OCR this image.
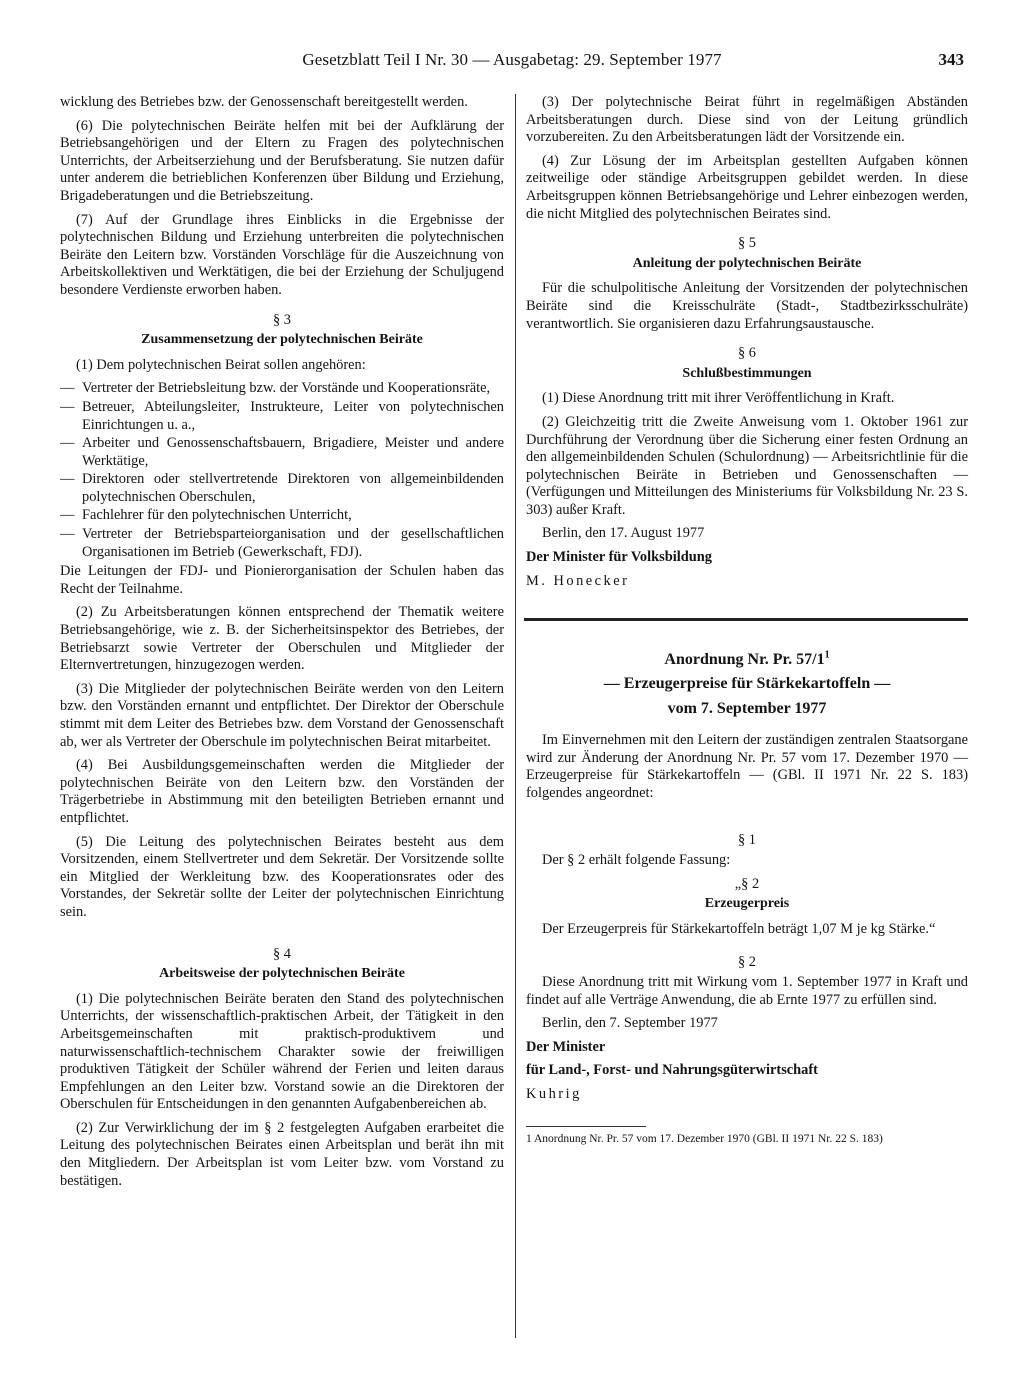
Gesetzblatt Teil I Nr. 30 — Ausgabetag: 29. September 1977	343

wicklung des Betriebes bzw. der Genossenschaft bereitgestellt werden.

(6) Die polytechnischen Beiräte helfen mit bei der Aufklärung der Betriebsangehörigen und der Eltern zu Fragen des polytechnischen Unterrichts, der Arbeitserziehung und der Berufsberatung. Sie nutzen dafür unter anderem die betrieblichen Konferenzen über Bildung und Erziehung, Brigadeberatungen und die Betriebszeitung.

(7) Auf der Grundlage ihres Einblicks in die Ergebnisse der polytechnischen Bildung und Erziehung unterbreiten die polytechnischen Beiräte den Leitern bzw. Vorständen Vorschläge für die Auszeichnung von Arbeitskollektiven und Werktätigen, die bei der Erziehung der Schuljugend besondere Verdienste erworben haben.

§ 3
Zusammensetzung der polytechnischen Beiräte

(1) Dem polytechnischen Beirat sollen angehören:

— Vertreter der Betriebsleitung bzw. der Vorstände und Kooperationsräte,
— Betreuer, Abteilungsleiter, Instrukteure, Leiter von polytechnischen Einrichtungen u. a.,
— Arbeiter und Genossenschaftsbauern, Brigadiere, Meister und andere Werktätige,
— Direktoren oder stellvertretende Direktoren von allgemeinbildenden polytechnischen Oberschulen,
— Fachlehrer für den polytechnischen Unterricht,
— Vertreter der Betriebsparteiorganisation und der gesellschaftlichen Organisationen im Betrieb (Gewerkschaft, FDJ).

Die Leitungen der FDJ- und Pionierorganisation der Schulen haben das Recht der Teilnahme.

(2) Zu Arbeitsberatungen können entsprechend der Thematik weitere Betriebsangehörige, wie z. B. der Sicherheitsinspektor des Betriebes, der Betriebsarzt sowie Vertreter der Oberschulen und Mitglieder der Elternvertretungen, hinzugezogen werden.

(3) Die Mitglieder der polytechnischen Beiräte werden von den Leitern bzw. den Vorständen ernannt und entpflichtet. Der Direktor der Oberschule stimmt mit dem Leiter des Betriebes bzw. dem Vorstand der Genossenschaft ab, wer als Vertreter der Oberschule im polytechnischen Beirat mitarbeitet.

(4) Bei Ausbildungsgemeinschaften werden die Mitglieder der polytechnischen Beiräte von den Leitern bzw. den Vorständen der Trägerbetriebe in Abstimmung mit den beteiligten Betrieben ernannt und entpflichtet.

(5) Die Leitung des polytechnischen Beirates besteht aus dem Vorsitzenden, einem Stellvertreter und dem Sekretär. Der Vorsitzende sollte ein Mitglied der Werkleitung bzw. des Kooperationsrates oder des Vorstandes, der Sekretär sollte der Leiter der polytechnischen Einrichtung sein.

§ 4
Arbeitsweise der polytechnischen Beiräte

(1) Die polytechnischen Beiräte beraten den Stand des polytechnischen Unterrichts, der wissenschaftlich-praktischen Arbeit, der Tätigkeit in den Arbeitsgemeinschaften mit praktisch-produktivem und naturwissenschaftlich-technischem Charakter sowie der freiwilligen produktiven Tätigkeit der Schüler während der Ferien und leiten daraus Empfehlungen an den Leiter bzw. Vorstand sowie an die Direktoren der Oberschulen für Entscheidungen in den genannten Aufgabenbereichen ab.

(2) Zur Verwirklichung der im § 2 festgelegten Aufgaben erarbeitet die Leitung des polytechnischen Beirates einen Arbeitsplan und berät ihn mit den Mitgliedern. Der Arbeitsplan ist vom Leiter bzw. vom Vorstand zu bestätigen.

(3) Der polytechnische Beirat führt in regelmäßigen Abständen Arbeitsberatungen durch. Diese sind von der Leitung gründlich vorzubereiten. Zu den Arbeitsberatungen lädt der Vorsitzende ein.

(4) Zur Lösung der im Arbeitsplan gestellten Aufgaben können zeitweilige oder ständige Arbeitsgruppen gebildet werden. In diese Arbeitsgruppen können Betriebsangehörige und Lehrer einbezogen werden, die nicht Mitglied des polytechnischen Beirates sind.

§ 5
Anleitung der polytechnischen Beiräte

Für die schulpolitische Anleitung der Vorsitzenden der polytechnischen Beiräte sind die Kreisschulräte (Stadt-, Stadtbezirksschulräte) verantwortlich. Sie organisieren dazu Erfahrungsaustausche.

§ 6
Schlußbestimmungen

(1) Diese Anordnung tritt mit ihrer Veröffentlichung in Kraft.

(2) Gleichzeitig tritt die Zweite Anweisung vom 1. Oktober 1961 zur Durchführung der Verordnung über die Sicherung einer festen Ordnung an den allgemeinbildenden Schulen (Schulordnung) — Arbeitsrichtlinie für die polytechnischen Beiräte in Betrieben und Genossenschaften — (Verfügungen und Mitteilungen des Ministeriums für Volksbildung Nr. 23 S. 303) außer Kraft.

Berlin, den 17. August 1977

Der Minister für Volksbildung

M. Honecker

Anordnung Nr. Pr. $57/1^1$
— Erzeugerpreise für Stärkekartoffeln —
vom 7. September 1977

Im Einvernehmen mit den Leitern der zuständigen zentralen Staatsorgane wird zur Änderung der Anordnung Nr. Pr. 57 vom 17. Dezember 1970 — Erzeugerpreise für Stärkekartoffeln — (GBl. II 1971 Nr. 22 S. 183) folgendes angeordnet:

§ 1

Der § 2 erhält folgende Fassung:

„§ 2
Erzeugerpreis

Der Erzeugerpreis für Stärkekartoffeln beträgt 1,07 M je kg Stärke.“

§ 2

Diese Anordnung tritt mit Wirkung vom 1. September 1977 in Kraft und findet auf alle Verträge Anwendung, die ab Ernte 1977 zu erfüllen sind.

Berlin, den 7. September 1977

Der Minister

für Land-, Forst- und Nahrungsgüterwirtschaft

Kuhrig

1 Anordnung Nr. Pr. 57 vom 17. Dezember 1970 (GBl. II 1971 Nr. 22 S. 183)
